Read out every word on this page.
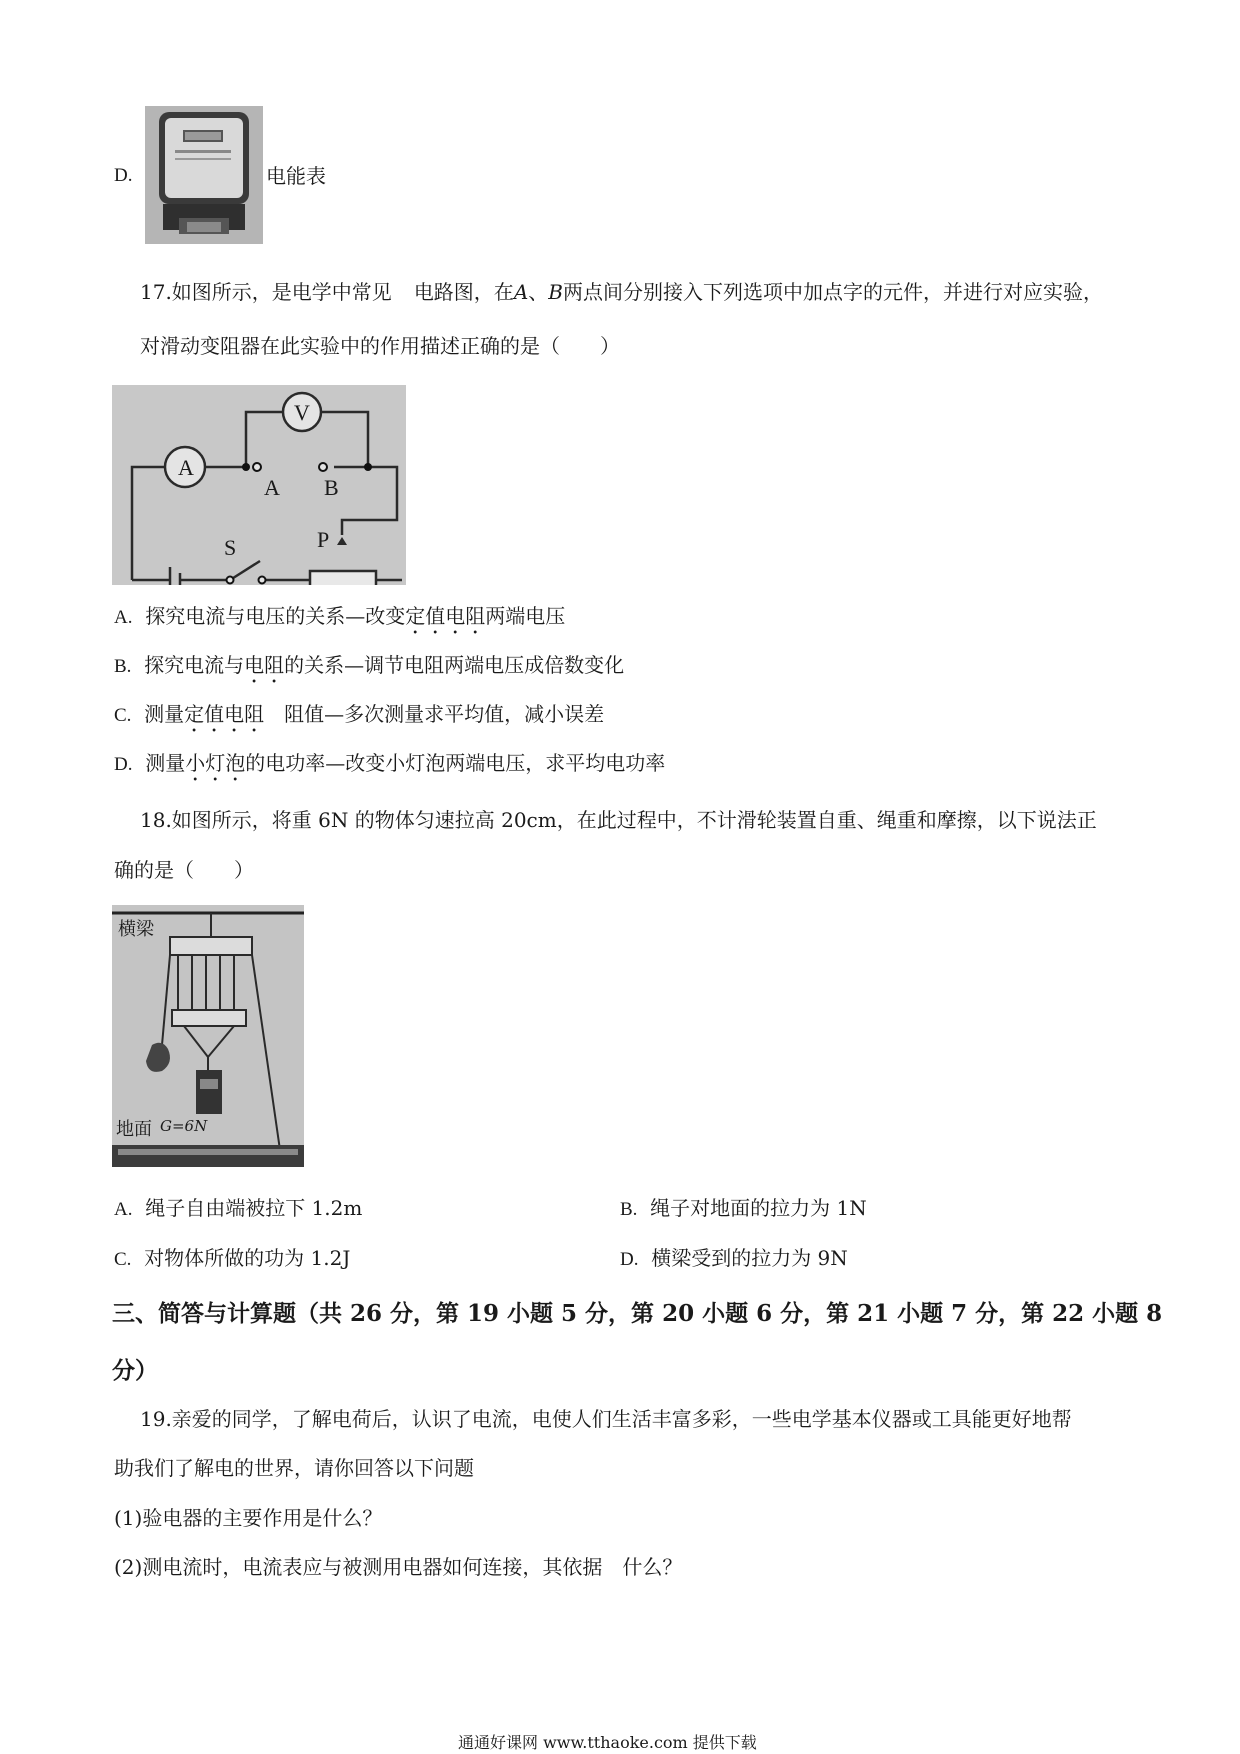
D.	电能表
17.如图所示，是电学中常见 电路图，在A、B两点间分别接入下列选项中加点字的元件，并进行对应实验，
对滑动变阻器在此实验中的作用描述正确的是（　　）
A
V
A B
S	P
A. 探究电流与电压的关系—改变定值电阻两端电压
B. 探究电流与电阻的关系—调节电阻两端电压成倍数变化
C. 测量定值电阻　阻值—多次测量求平均值，减小误差
D. 测量小灯泡的电功率—改变小灯泡两端电压，求平均电功率
18.如图所示，将重 6N 的物体匀速拉高 20cm，在此过程中，不计滑轮装置自重、绳重和摩擦，以下说法正
确的是（　　）
横梁
地面 G=6N
A. 绳子自由端被拉下 1.2m	B. 绳子对地面的拉力为 1N
C. 对物体所做的功为 1.2J	D. 横梁受到的拉力为 9N
三、简答与计算题（共 26 分，第 19 小题 5 分，第 20 小题 6 分，第 21 小题 7 分，第 22 小题 8
分）
19.亲爱的同学，了解电荷后，认识了电流，电使人们生活丰富多彩，一些电学基本仪器或工具能更好地帮
助我们了解电的世界，请你回答以下问题
(1)验电器的主要作用是什么？
(2)测电流时，电流表应与被测用电器如何连接，其依据　什么？
通通好课网 www.tthaoke.com 提供下载
